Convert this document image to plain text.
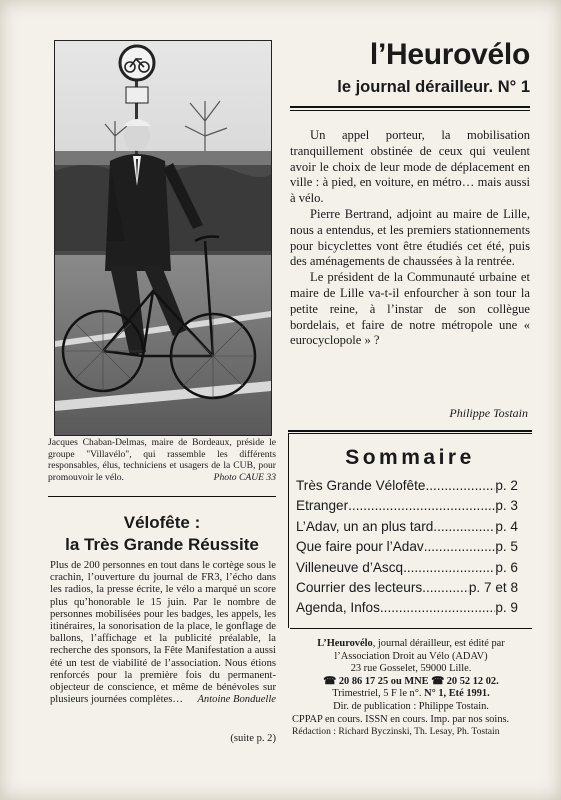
Jacques Chaban-Delmas, maire de Bordeaux, préside le groupe "Villavélo", qui rassemble les différents responsables, élus, techniciens et usagers de la CUB, pour promouvoir le vélo.	Photo CAUE 33
l’Heurovélo
le journal dérailleur. N° 1

Un appel porteur, la mobilisation tranquillement obstinée de ceux qui veulent avoir le choix de leur mode de déplacement en ville : à pied, en voiture, en métro… mais aussi à vélo.

Pierre Bertrand, adjoint au maire de Lille, nous a entendus, et les premiers stationnements pour bicyclettes vont être étudiés cet été, puis des aménagements de chaussées à la rentrée.

Le président de la Communauté urbaine et maire de Lille va-t-il enfourcher à son tour la petite reine, à l’instar de son collègue bordelais, et faire de notre métropole une « eurocyclopole » ?

Philippe Tostain
Sommaire
Très Grande Vélofête .....	p. 2
Etranger .....	p. 3
L’Adav, un an plus tard .....	p. 4
Que faire pour l’Adav .....	p. 5
Villeneuve d’Ascq .....	p. 6
Courrier des lecteurs .....	p. 7 et 8
Agenda, Infos .....	p. 9
L’Heurovélo, journal dérailleur, est édité par l’Association Droit au Vélo (ADAV)
23 rue Gosselet, 59000 Lille.
☎ 20 86 17 25 ou MNE ☎ 20 52 12 02.
Trimestriel, 5 F le n°. N° 1, Eté 1991.
Dir. de publication : Philippe Tostain.
CPPAP en cours. ISSN en cours. Imp. par nos soins.
Rédaction : Richard Byczinski, Th. Lesay, Ph. Tostain
Vélofête :
la Très Grande Réussite
Plus de 200 personnes en tout dans le cortège sous le crachin, l’ouverture du journal de FR3, l’écho dans les radios, la presse écrite, le vélo a marqué un score plus qu’honorable le 15 juin. Par le nombre de personnes mobilisées pour les badges, les appels, les itinéraires, la sonorisation de la place, le gonflage de ballons, l’affichage et la publicité préalable, la recherche des sponsors, la Fête Manifestation a aussi été un test de viabilité de l’association. Nous étions renforcés pour la première fois du permanent-objecteur de conscience, et même de bénévoles sur plusieurs journées complètes… Antoine Bonduelle
(suite p. 2)
